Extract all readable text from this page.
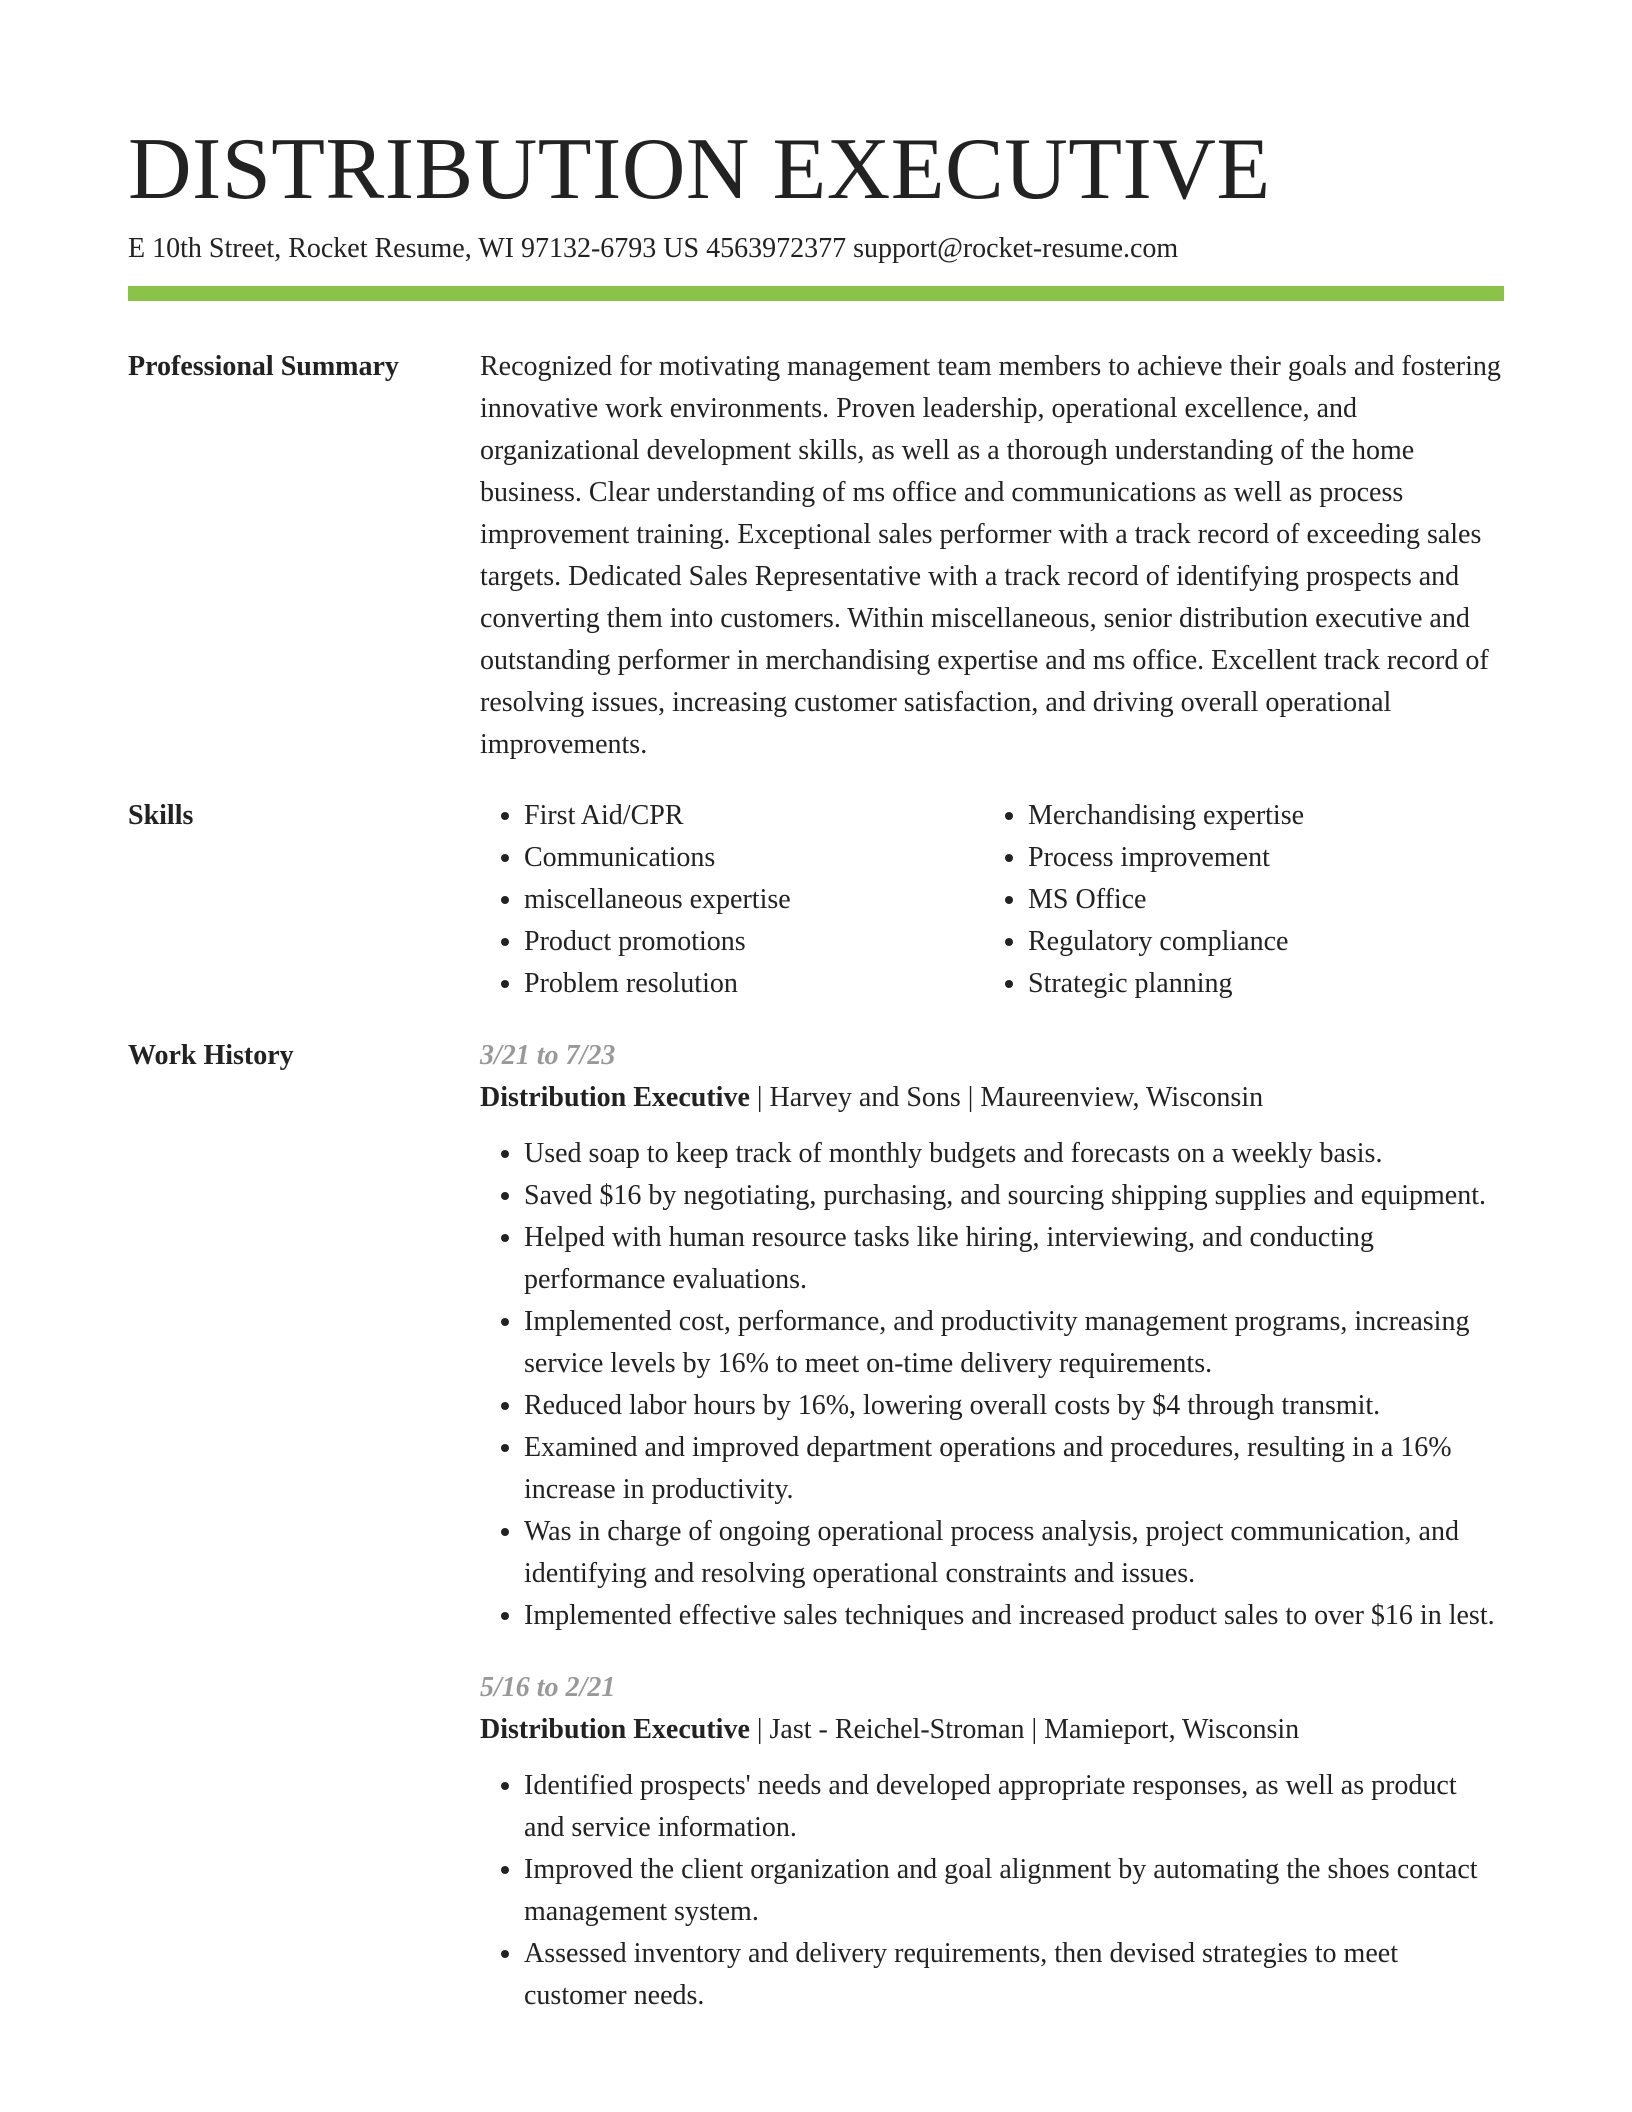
DISTRIBUTION EXECUTIVE
E 10th Street, Rocket Resume, WI 97132-6793 US 4563972377 support@rocket-resume.com
Professional Summary	Recognized for motivating management team members to achieve their goals and fostering innovative work environments. Proven leadership, operational excellence, and organizational development skills, as well as a thorough understanding of the home business. Clear understanding of ms office and communications as well as process improvement training. Exceptional sales performer with a track record of exceeding sales targets. Dedicated Sales Representative with a track record of identifying prospects and converting them into customers. Within miscellaneous, senior distribution executive and outstanding performer in merchandising expertise and ms office. Excellent track record of resolving issues, increasing customer satisfaction, and driving overall operational improvements.

Skills
•	First Aid/CPR
• Communications
• miscellaneous expertise
• Product promotions
• Problem resolution
• Merchandising expertise
• Process improvement
• MS Office
• Regulatory compliance
• Strategic planning
Work History	3/21 to 7/23
Distribution Executive | Harvey and Sons | Maureenview, Wisconsin
• Used soap to keep track of monthly budgets and forecasts on a weekly basis.
• Saved $16 by negotiating, purchasing, and sourcing shipping supplies and equipment.
• Helped with human resource tasks like hiring, interviewing, and conducting performance evaluations.
• Implemented cost, performance, and productivity management programs, increasing service levels by 16% to meet on-time delivery requirements.
• Reduced labor hours by 16%, lowering overall costs by $4 through transmit.
• Examined and improved department operations and procedures, resulting in a 16% increase in productivity.
• Was in charge of ongoing operational process analysis, project communication, and identifying and resolving operational constraints and issues.
• Implemented effective sales techniques and increased product sales to over $16 in lest.
5/16 to 2/21
Distribution Executive | Jast - Reichel-Stroman | Mamieport, Wisconsin
• Identified prospects' needs and developed appropriate responses, as well as product and service information.
• Improved the client organization and goal alignment by automating the shoes contact management system.
• Assessed inventory and delivery requirements, then devised strategies to meet customer needs.
